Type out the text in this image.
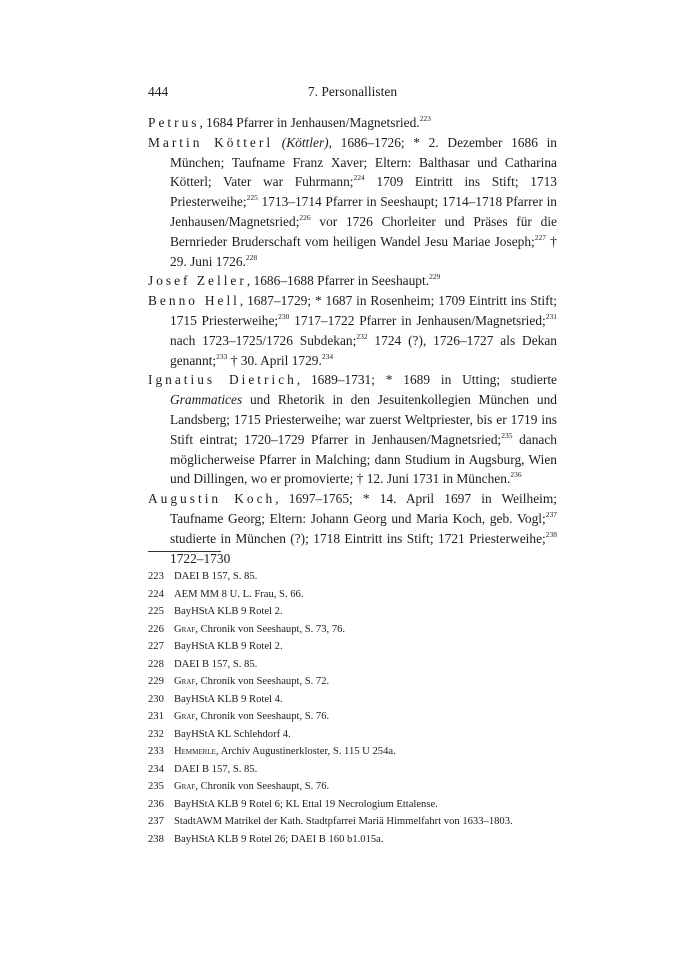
444	7. Personallisten

Petrus, 1684 Pfarrer in Jenhausen/Magnetsried.$^{223}$

Martin Kötterl (Köttler), 1686–1726; * 2. Dezember 1686 in München; Taufname Franz Xaver; Eltern: Balthasar und Catharina Kötterl; Vater war Fuhrmann;$^{224}$ 1709 Eintritt ins Stift; 1713 Priesterweihe;$^{225}$ 1713–1714 Pfarrer in Seeshaupt; 1714–1718 Pfarrer in Jenhausen/Magnetsried;$^{226}$ vor 1726 Chorleiter und Präses für die Bernrieder Bruderschaft vom heiligen Wandel Jesu Mariae Joseph;$^{227}$ † 29. Juni 1726.$^{228}$

Josef Zeller, 1686–1688 Pfarrer in Seeshaupt.$^{229}$

Benno Hell, 1687–1729; * 1687 in Rosenheim; 1709 Eintritt ins Stift; 1715 Priesterweihe;$^{230}$ 1717–1722 Pfarrer in Jenhausen/Magnetsried;$^{231}$ nach 1723–1725/1726 Subdekan;$^{232}$ 1724 (?), 1726–1727 als Dekan genannt;$^{233}$ † 30. April 1729.$^{234}$

Ignatius Dietrich, 1689–1731; * 1689 in Utting; studierte Grammatices und Rhetorik in den Jesuitenkollegien München und Landsberg; 1715 Priesterweihe; war zuerst Weltpriester, bis er 1719 ins Stift eintrat; 1720–1729 Pfarrer in Jenhausen/Magnetsried;$^{235}$ danach möglicherweise Pfarrer in Malching; dann Studium in Augsburg, Wien und Dillingen, wo er promovierte; † 12. Juni 1731 in München.$^{236}$

Augustin Koch, 1697–1765; * 14. April 1697 in Weilheim; Taufname Georg; Eltern: Johann Georg und Maria Koch, geb. Vogl;$^{237}$ studierte in München (?); 1718 Eintritt ins Stift; 1721 Priesterweihe;$^{238}$ 1722–1730

223 DAEI B 157, S. 85.
224 AEM MM 8 U. L. Frau, S. 66.
225 BayHStA KLB 9 Rotel 2.
226 Graf, Chronik von Seeshaupt, S. 73, 76.
227 BayHStA KLB 9 Rotel 2.
228 DAEI B 157, S. 85.
229 Graf, Chronik von Seeshaupt, S. 72.
230 BayHStA KLB 9 Rotel 4.
231 Graf, Chronik von Seeshaupt, S. 76.
232 BayHStA KL Schlehdorf 4.
233 Hemmerle, Archiv Augustinerkloster, S. 115 U 254a.
234 DAEI B 157, S. 85.
235 Graf, Chronik von Seeshaupt, S. 76.
236 BayHStA KLB 9 Rotel 6; KL Ettal 19 Necrologium Ettalense.
237 StadtAWM Matrikel der Kath. Stadtpfarrei Mariä Himmelfahrt von 1633–1803.
238 BayHStA KLB 9 Rotel 26; DAEI B 160 b1.015a.
